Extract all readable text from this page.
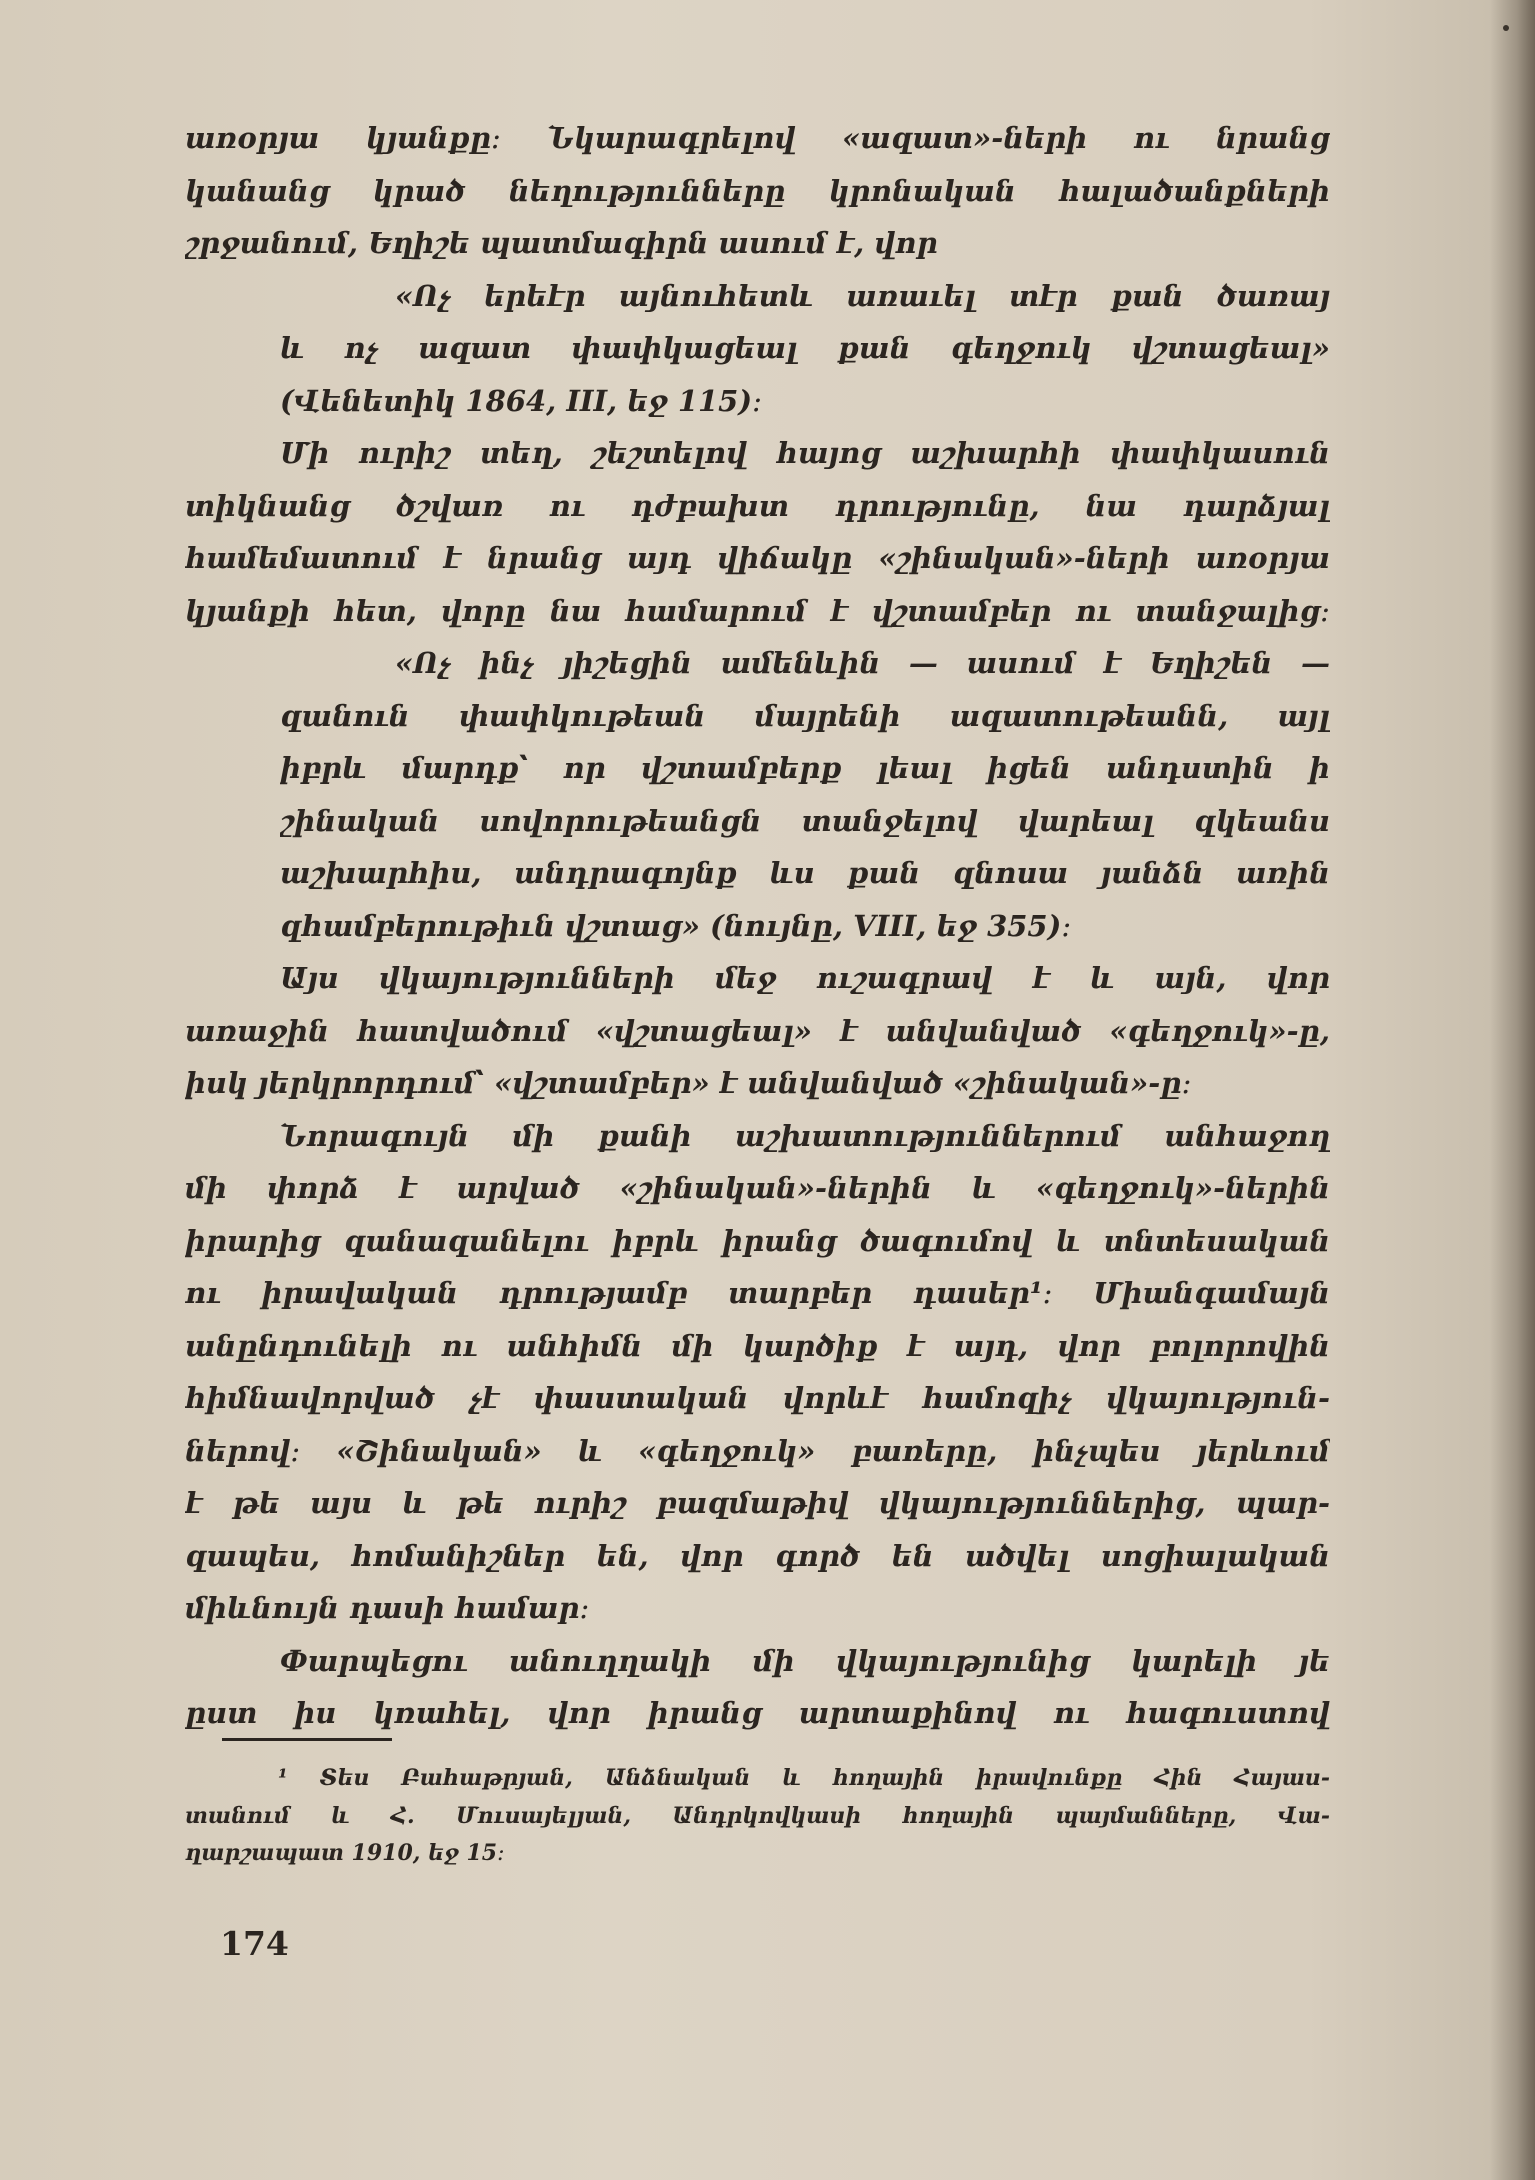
առօրյա կյանքը։ Նկարագրելով «ազատ»-ների ու նրանց
կանանց կրած նեղությունները կրոնական հալածանքների
շրջանում, Եղիշե պատմագիրն ասում է, վոր
«Ոչ երեէր այնուհետև առաւել տէր քան ծառայ
և ոչ ազատ փափկացեալ քան գեղջուկ վշտացեալ»
(Վենետիկ 1864, III, եջ 115)։
Մի ուրիշ տեղ, շեշտելով հայոց աշխարհի փափկասուն
տիկնանց ծշվառ ու դժբախտ դրությունը, նա դարձյալ
համեմատում է նրանց այդ վիճակը «շինական»-ների առօրյա
կյանքի հետ, վորը նա համարում է վշտամբեր ու տանջալից։
«Ոչ ինչ յիշեցին ամենևին — ասում է Եղիշեն —
զանուն փափկութեան մայրենի ազատութեանն, այլ
իբրև մարդք՝ որ վշտամբերք լեալ իցեն անդստին ի
շինական սովորութեանցն տանջելով վարեալ զկեանս
աշխարհիս, անդրագոյնք ևս քան զնոսա յանձն առին
զհամբերութիւն վշտաց» (նույնը, VIII, եջ 355)։
Այս վկայությունների մեջ ուշագրավ է և այն, վոր
առաջին հատվածում «վշտացեալ» է անվանված «գեղջուկ»-ը,
իսկ յերկրորդում՝ «վշտամբեր» է անվանված «շինական»-ը։
Նորագույն մի քանի աշխատություններում անհաջող
մի փորձ է արված «շինական»-ներին և «գեղջուկ»-ներին
իրարից զանազանելու իբրև իրանց ծագումով և տնտեսական
ու իրավական դրությամբ տարբեր դասեր¹։ Միանգամայն
անընդունելի ու անհիմն մի կարծիք է այդ, վոր բոլորովին
հիմնավորված չէ փաստական վորևէ համոզիչ վկայություն-
ներով։ «Շինական» և «գեղջուկ» բառերը, ինչպես յերևում
է թե այս և թե ուրիշ բազմաթիվ վկայություններից, պար-
զապես, հոմանիշներ են, վոր գործ են ածվել սոցիալական
միևնույն դասի համար։
Փարպեցու անուղղակի մի վկայությունից կարելի յե
ըստ իս կռահել, վոր իրանց արտաքինով ու հագուստով
¹ Տես Բահաթրյան, Անձնական և հողային իրավունքը Հին Հայաս-
տանում և Հ. Մուսայելյան, Անդրկովկասի հողային պայմանները, Վա-
ղարշապատ 1910, եջ 15։
174
